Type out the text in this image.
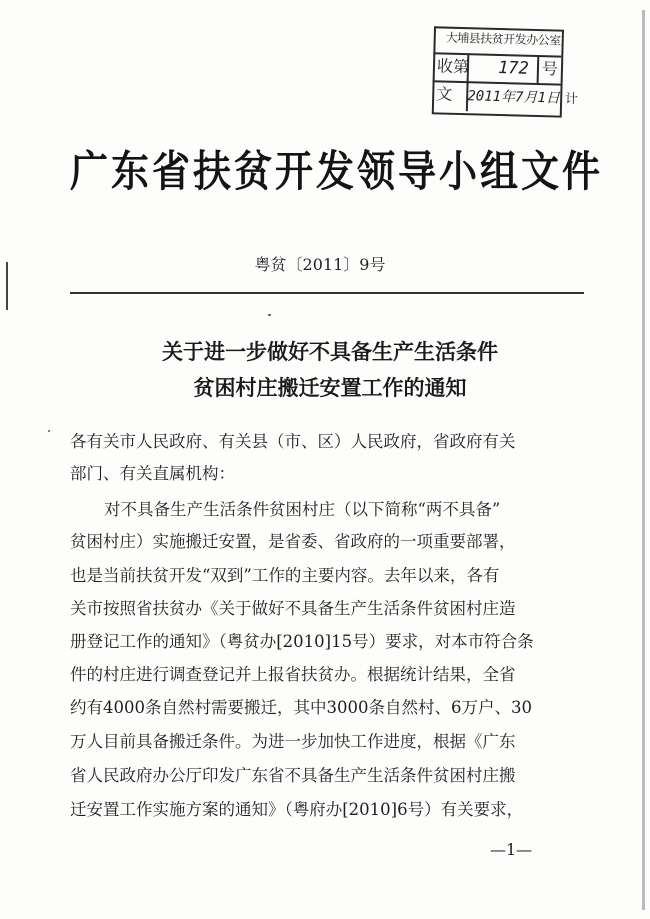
大埔县扶贫开发办公室
收第 172 号
文 2011年7月1日 计
广东省扶贫开发领导小组文件
粤贫〔2011〕9号
关于进一步做好不具备生产生活条件
贫困村庄搬迁安置工作的通知
各有关市人民政府、有关县（市、区）人民政府，省政府有关
部门、有关直属机构：
对不具备生产生活条件贫困村庄（以下简称“两不具备”
贫困村庄）实施搬迁安置，是省委、省政府的一项重要部署，
也是当前扶贫开发“双到”工作的主要内容。去年以来，各有
关市按照省扶贫办《关于做好不具备生产生活条件贫困村庄造
册登记工作的通知》（粤贫办[2010]15号）要求，对本市符合条
件的村庄进行调查登记并上报省扶贫办。根据统计结果，全省
约有4000条自然村需要搬迁，其中3000条自然村、6万户、30
万人目前具备搬迁条件。为进一步加快工作进度，根据《广东
省人民政府办公厅印发广东省不具备生产生活条件贫困村庄搬
迁安置工作实施方案的通知》（粤府办[2010]6号）有关要求，
—1—
